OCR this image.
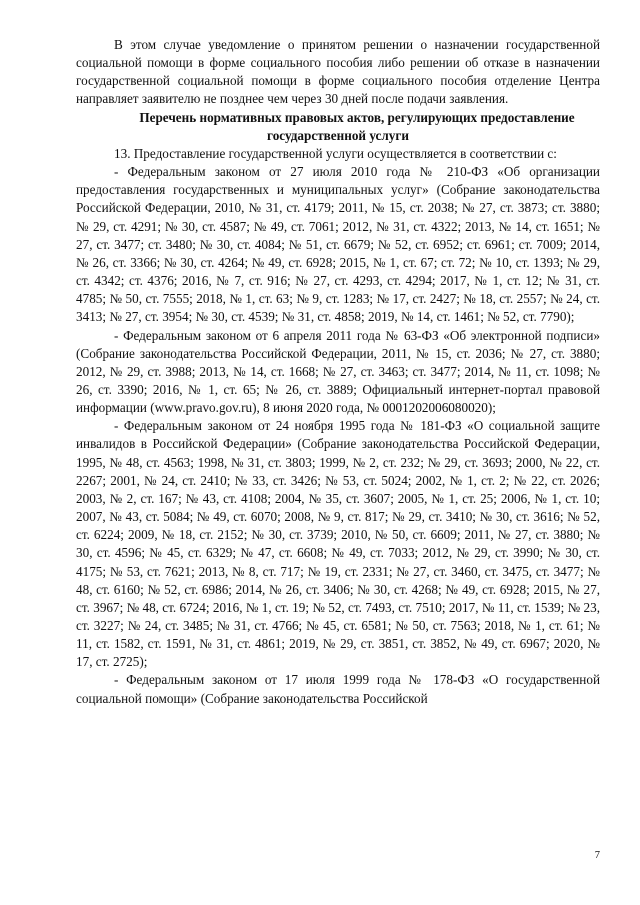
В этом случае уведомление о принятом решении о назначении государственной социальной помощи в форме социального пособия либо решении об отказе в назначении государственной социальной помощи в форме социального пособия отделение Центра направляет заявителю не позднее чем через 30 дней после подачи заявления.

Перечень нормативных правовых актов, регулирующих предоставление государственной услуги

13. Предоставление государственной услуги осуществляется в соответствии с:

- Федеральным законом от 27 июля 2010 года № 210-ФЗ «Об организации предоставления государственных и муниципальных услуг» (Собрание законодательства Российской Федерации, 2010, № 31, ст. 4179; 2011, № 15, ст. 2038; № 27, ст. 3873; ст. 3880; № 29, ст. 4291; № 30, ст. 4587; № 49, ст. 7061; 2012, № 31, ст. 4322; 2013, № 14, ст. 1651; № 27, ст. 3477; ст. 3480; № 30, ст. 4084; № 51, ст. 6679; № 52, ст. 6952; ст. 6961; ст. 7009; 2014, № 26, ст. 3366; № 30, ст. 4264; № 49, ст. 6928; 2015, № 1, ст. 67; ст. 72; № 10, ст. 1393; № 29, ст. 4342; ст. 4376; 2016, № 7, ст. 916; № 27, ст. 4293, ст. 4294; 2017, № 1, ст. 12; № 31, ст. 4785; № 50, ст. 7555; 2018, № 1, ст. 63; № 9, ст. 1283; № 17, ст. 2427; № 18, ст. 2557; № 24, ст. 3413; № 27, ст. 3954; № 30, ст. 4539; № 31, ст. 4858; 2019, № 14, ст. 1461; № 52, ст. 7790);

- Федеральным законом от 6 апреля 2011 года № 63-ФЗ «Об электронной подписи» (Собрание законодательства Российской Федерации, 2011, № 15, ст. 2036; № 27, ст. 3880; 2012, № 29, ст. 3988; 2013, № 14, ст. 1668; № 27, ст. 3463; ст. 3477; 2014, № 11, ст. 1098; № 26, ст. 3390; 2016, № 1, ст. 65; № 26, ст. 3889; Официальный интернет-портал правовой информации (www.pravo.gov.ru), 8 июня 2020 года, № 0001202006080020);

- Федеральным законом от 24 ноября 1995 года № 181-ФЗ «О социальной защите инвалидов в Российской Федерации» (Собрание законодательства Российской Федерации, 1995, № 48, ст. 4563; 1998, № 31, ст. 3803; 1999, № 2, ст. 232; № 29, ст. 3693; 2000, № 22, ст. 2267; 2001, № 24, ст. 2410; № 33, ст. 3426; № 53, ст. 5024; 2002, № 1, ст. 2; № 22, ст. 2026; 2003, № 2, ст. 167; № 43, ст. 4108; 2004, № 35, ст. 3607; 2005, № 1, ст. 25; 2006, № 1, ст. 10; 2007, № 43, ст. 5084; № 49, ст. 6070; 2008, № 9, ст. 817; № 29, ст. 3410; № 30, ст. 3616; № 52, ст. 6224; 2009, № 18, ст. 2152; № 30, ст. 3739; 2010, № 50, ст. 6609; 2011, № 27, ст. 3880; № 30, ст. 4596; № 45, ст. 6329; № 47, ст. 6608; № 49, ст. 7033; 2012, № 29, ст. 3990; № 30, ст. 4175; № 53, ст. 7621; 2013, № 8, ст. 717; № 19, ст. 2331; № 27, ст. 3460, ст. 3475, ст. 3477; № 48, ст. 6160; № 52, ст. 6986; 2014, № 26, ст. 3406; № 30, ст. 4268; № 49, ст. 6928; 2015, № 27, ст. 3967; № 48, ст. 6724; 2016, № 1, ст. 19; № 52, ст. 7493, ст. 7510; 2017, № 11, ст. 1539; № 23, ст. 3227; № 24, ст. 3485; № 31, ст. 4766; № 45, ст. 6581; № 50, ст. 7563; 2018, № 1, ст. 61; № 11, ст. 1582, ст. 1591, № 31, ст. 4861; 2019, № 29, ст. 3851, ст. 3852, № 49, ст. 6967; 2020, № 17, ст. 2725);

- Федеральным законом от 17 июля 1999 года № 178-ФЗ «О государственной социальной помощи» (Собрание законодательства Российской

7
